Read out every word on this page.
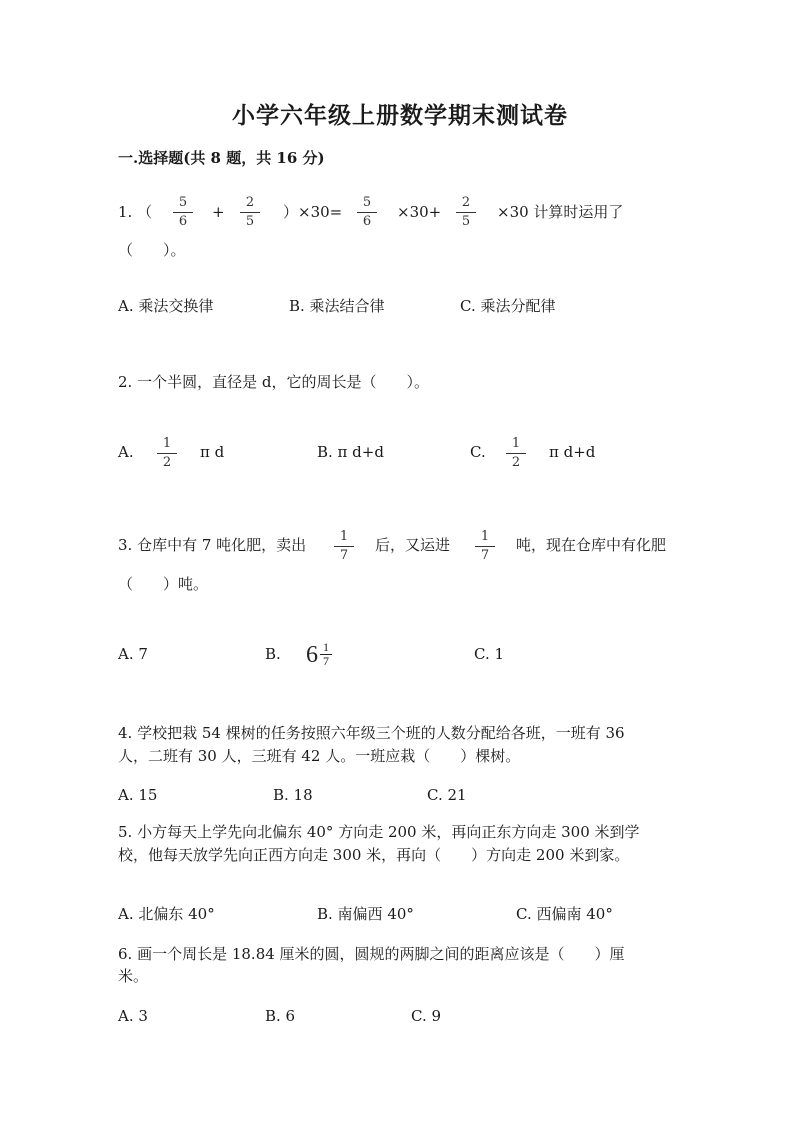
小学六年级上册数学期末测试卷
一.选择题(共 8 题，共 16 分)
1. （ $\frac{5}{6} + \frac{2}{5} )\times 30= \frac{5}{6} \times 30+ \frac{2}{5} \times 30$ 计算时运用了
（　　）。
A. 乘法交换律	B. 乘法结合律	C. 乘法分配律
2. 一个半圆，直径是 d，它的周长是（　　）。
A. $\frac{1}{2}$ π d	B. π d+d	C. $\frac{1}{2}$ π d+d
3. 仓库中有 7 吨化肥，卖出 $\frac{1}{7}$ 后，又运进 $\frac{1}{7}$ 吨，现在仓库中有化肥
（　　）吨。
A. 7	B. $6 \frac{1}{7}$	C. 1
4. 学校把栽 54 棵树的任务按照六年级三个班的人数分配给各班，一班有 36
人，二班有 30 人，三班有 42 人。一班应栽（　　）棵树。
A. 15	B. 18	C. 21
5. 小方每天上学先向北偏东 40° 方向走 200 米，再向正东方向走 300 米到学
校，他每天放学先向正西方向走 300 米，再向（　　）方向走 200 米到家。
A. 北偏东 40°	B. 南偏西 40°	C. 西偏南 40°
6. 画一个周长是 18.84 厘米的圆，圆规的两脚之间的距离应该是（　　）厘
米。
A. 3	B. 6	C. 9
